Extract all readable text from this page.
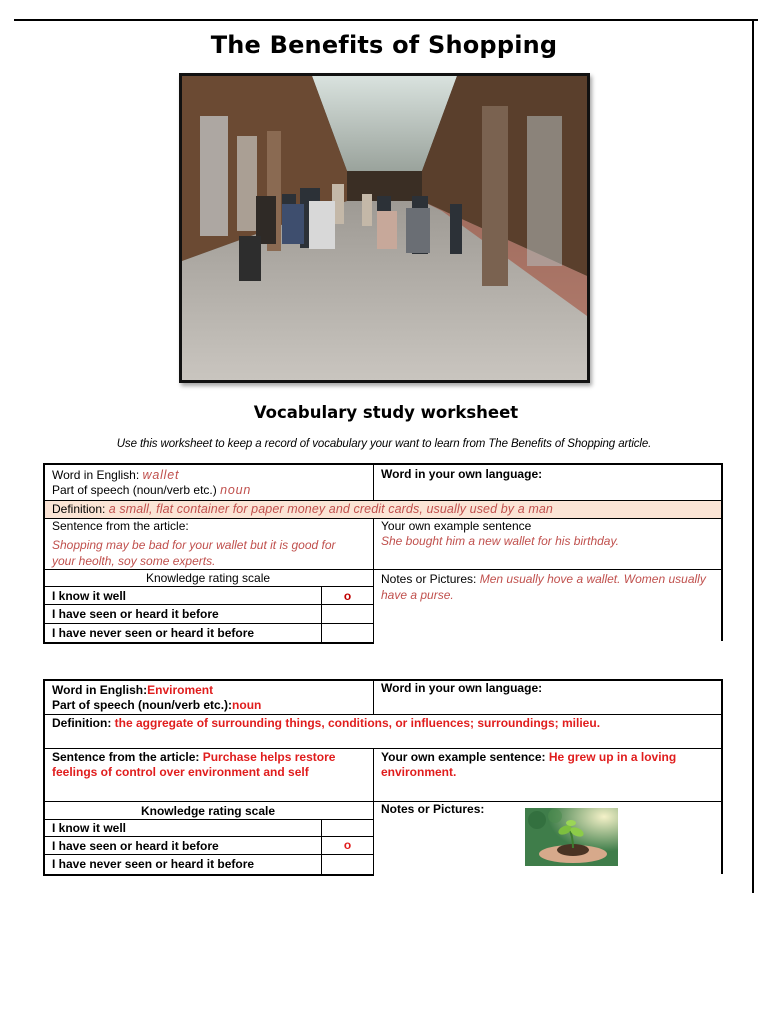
The Benefits of Shopping
Vocabulary study worksheet

Use this worksheet to keep a record of vocabulary your want to learn from The Benefits of Shopping article.

Word in English: wallet
Part of speech (noun/verb etc.) noun
Word in your own language:
Definition: a small, flat container for paper money and credit cards, usually used by a man
Sentence from the article:
Shopping may be bad for your wallet but it is good for your heolth, soy some experts.
Your own example sentence
She bought him a new wallet for his birthday.
Knowledge rating scale
I know it well	o
I have seen or heard it before
I have never seen or heard it before
Notes or Pictures: Men usually hove a wallet. Women usually have a purse.
Word in English:Enviroment
Part of speech (noun/verb etc.):noun
Word in your own language:
Definition: the aggregate of surrounding things, conditions, or influences; surroundings; milieu.
Sentence from the article: Purchase helps restore feelings of control over environment and self
Your own example sentence: He grew up in a loving environment.
Knowledge rating scale	Notes or Pictures:
I know it well
I have seen or heard it before	o
I have never seen or heard it before
